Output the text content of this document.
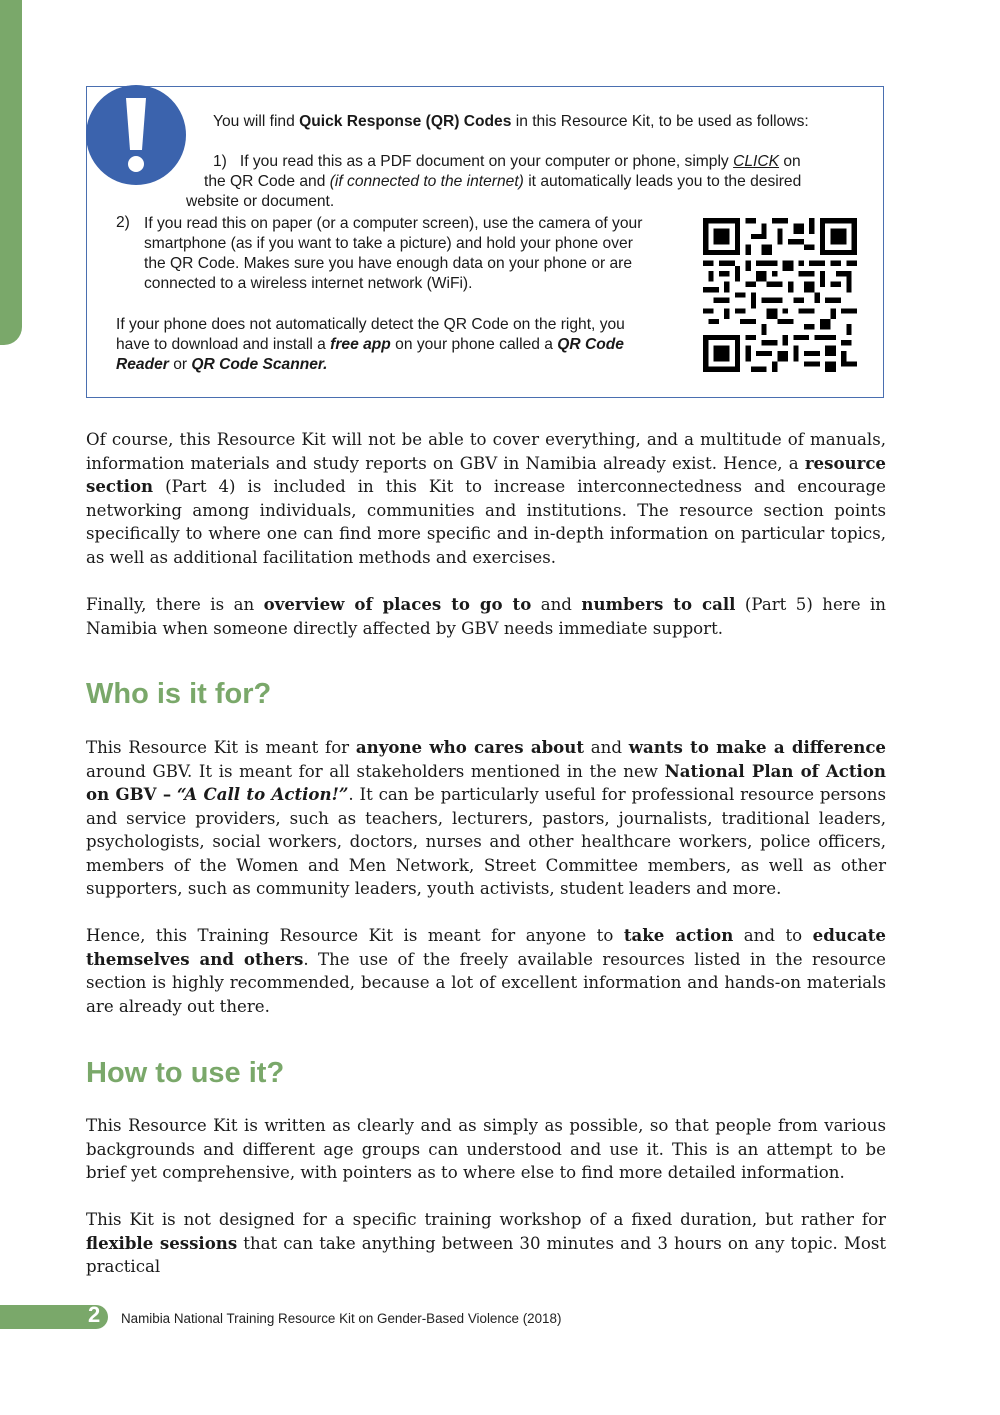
You will find Quick Response (QR) Codes in this Resource Kit, to be used as follows:
1) If you read this as a PDF document on your computer or phone, simply CLICK on
the QR Code and (if connected to the internet) it automatically leads you to the desired
website or document.
2) If you read this on paper (or a computer screen), use the camera of your
smartphone (as if you want to take a picture) and hold your phone over
the QR Code. Makes sure you have enough data on your phone or are
connected to a wireless internet network (WiFi).
If your phone does not automatically detect the QR Code on the right, you
have to download and install a free app on your phone called a QR Code
Reader or QR Code Scanner.
Of course, this Resource Kit will not be able to cover everything, and a multitude of manuals, information materials and study reports on GBV in Namibia already exist. Hence, a resource section (Part 4) is included in this Kit to increase interconnectedness and encourage networking among individuals, communities and institutions. The resource section points specifically to where one can find more specific and in-depth information on particular topics, as well as additional facilitation methods and exercises.
Finally, there is an overview of places to go to and numbers to call (Part 5) here in Namibia when someone directly affected by GBV needs immediate support.
Who is it for?
This Resource Kit is meant for anyone who cares about and wants to make a difference around GBV. It is meant for all stakeholders mentioned in the new National Plan of Action on GBV – “A Call to Action!”. It can be particularly useful for professional resource persons and service providers, such as teachers, lecturers, pastors, journalists, traditional leaders, psychologists, social workers, doctors, nurses and other healthcare workers, police officers, members of the Women and Men Network, Street Committee members, as well as other supporters, such as community leaders, youth activists, student leaders and more.
Hence, this Training Resource Kit is meant for anyone to take action and to educate themselves and others. The use of the freely available resources listed in the resource section is highly recommended, because a lot of excellent information and hands-on materials are already out there.
How to use it?
This Resource Kit is written as clearly and as simply as possible, so that people from various backgrounds and different age groups can understood and use it. This is an attempt to be brief yet comprehensive, with pointers as to where else to find more detailed information.
This Kit is not designed for a specific training workshop of a fixed duration, but rather for flexible sessions that can take anything between 30 minutes and 3 hours on any topic. Most practical
2 Namibia National Training Resource Kit on Gender-Based Violence (2018)
